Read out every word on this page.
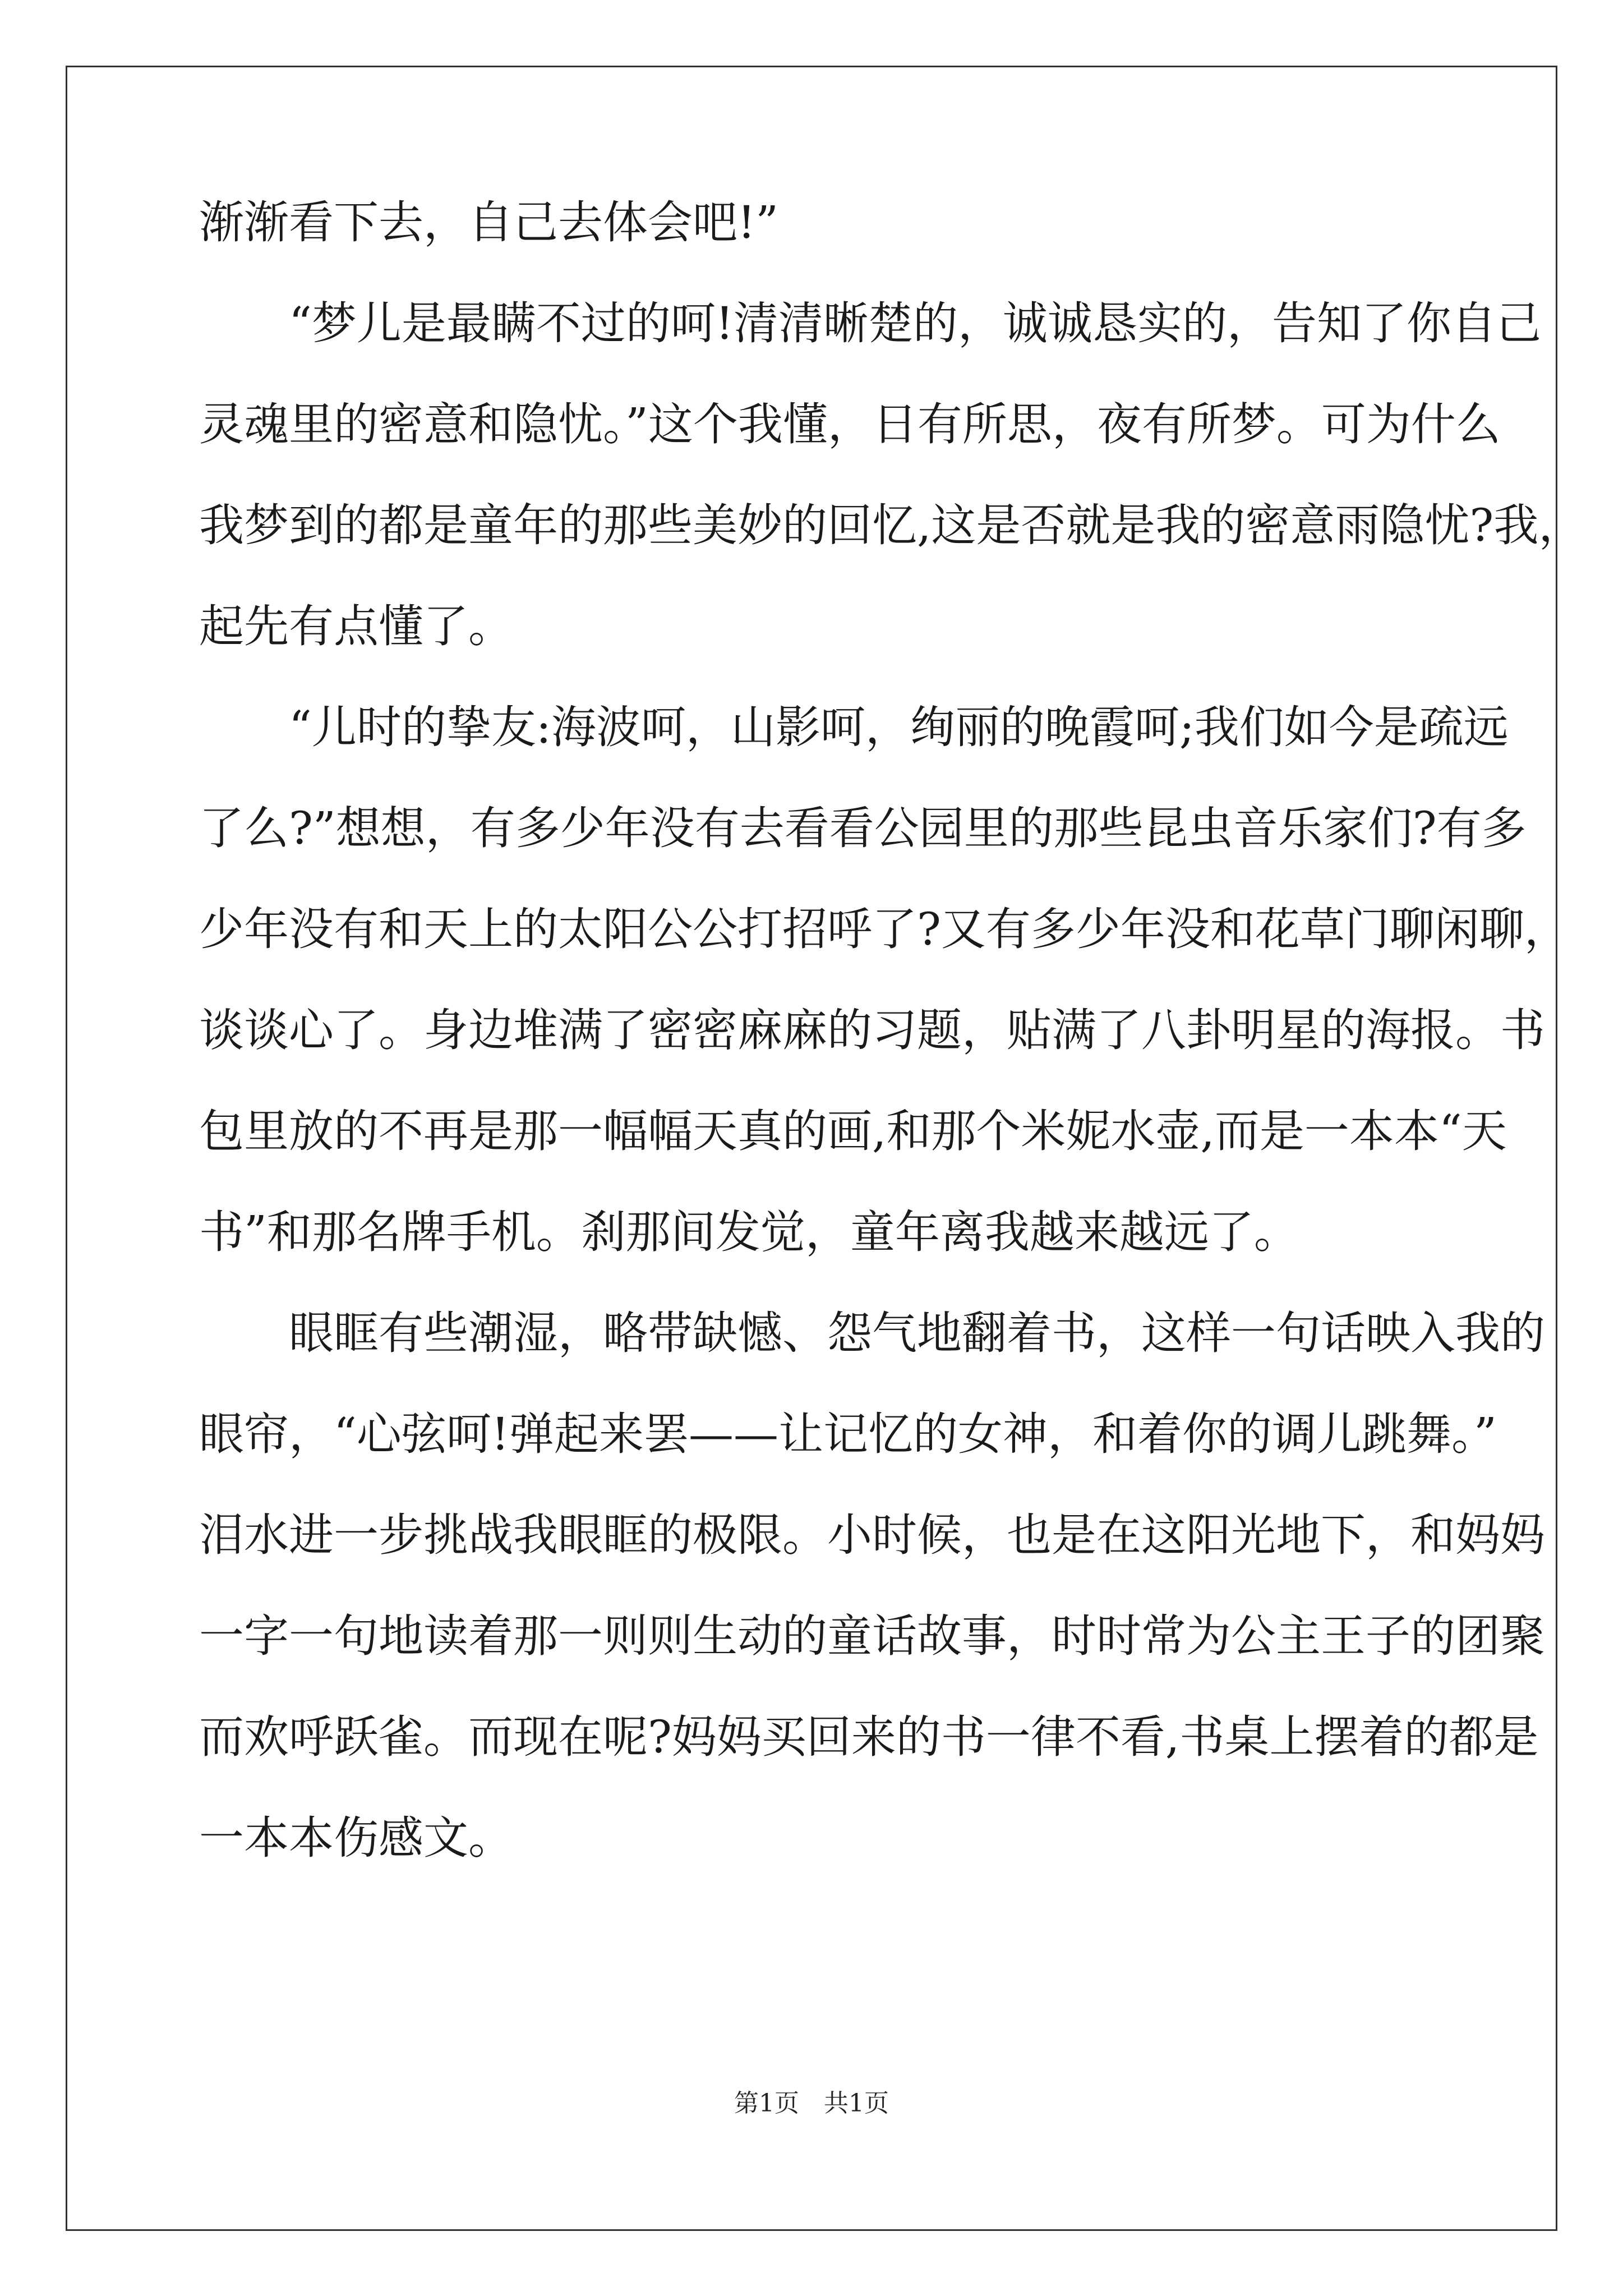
渐渐看下去，自己去体会吧!”
“梦儿是最瞒不过的呵!清清晰楚的，诚诚恳实的，告知了你自己
灵魂里的密意和隐忧。”这个我懂，日有所思，夜有所梦。可为什么
我梦到的都是童年的那些美妙的回忆,这是否就是我的密意雨隐忧?我，
起先有点懂了。
“儿时的挚友:海波呵，山影呵，绚丽的晚霞呵;我们如今是疏远
了么?”想想，有多少年没有去看看公园里的那些昆虫音乐家们?有多
少年没有和天上的太阳公公打招呼了?又有多少年没和花草门聊闲聊，
谈谈心了。身边堆满了密密麻麻的习题，贴满了八卦明星的海报。书
包里放的不再是那一幅幅天真的画,和那个米妮水壶,而是一本本“天
书”和那名牌手机。刹那间发觉，童年离我越来越远了。
眼眶有些潮湿，略带缺憾、怨气地翻着书，这样一句话映入我的
眼帘，“心弦呵!弹起来罢——让记忆的女神，和着你的调儿跳舞。”
泪水进一步挑战我眼眶的极限。小时候，也是在这阳光地下，和妈妈
一字一句地读着那一则则生动的童话故事，时时常为公主王子的团聚
而欢呼跃雀。而现在呢?妈妈买回来的书一律不看,书桌上摆着的都是
一本本伤感文。
第1页　共1页
